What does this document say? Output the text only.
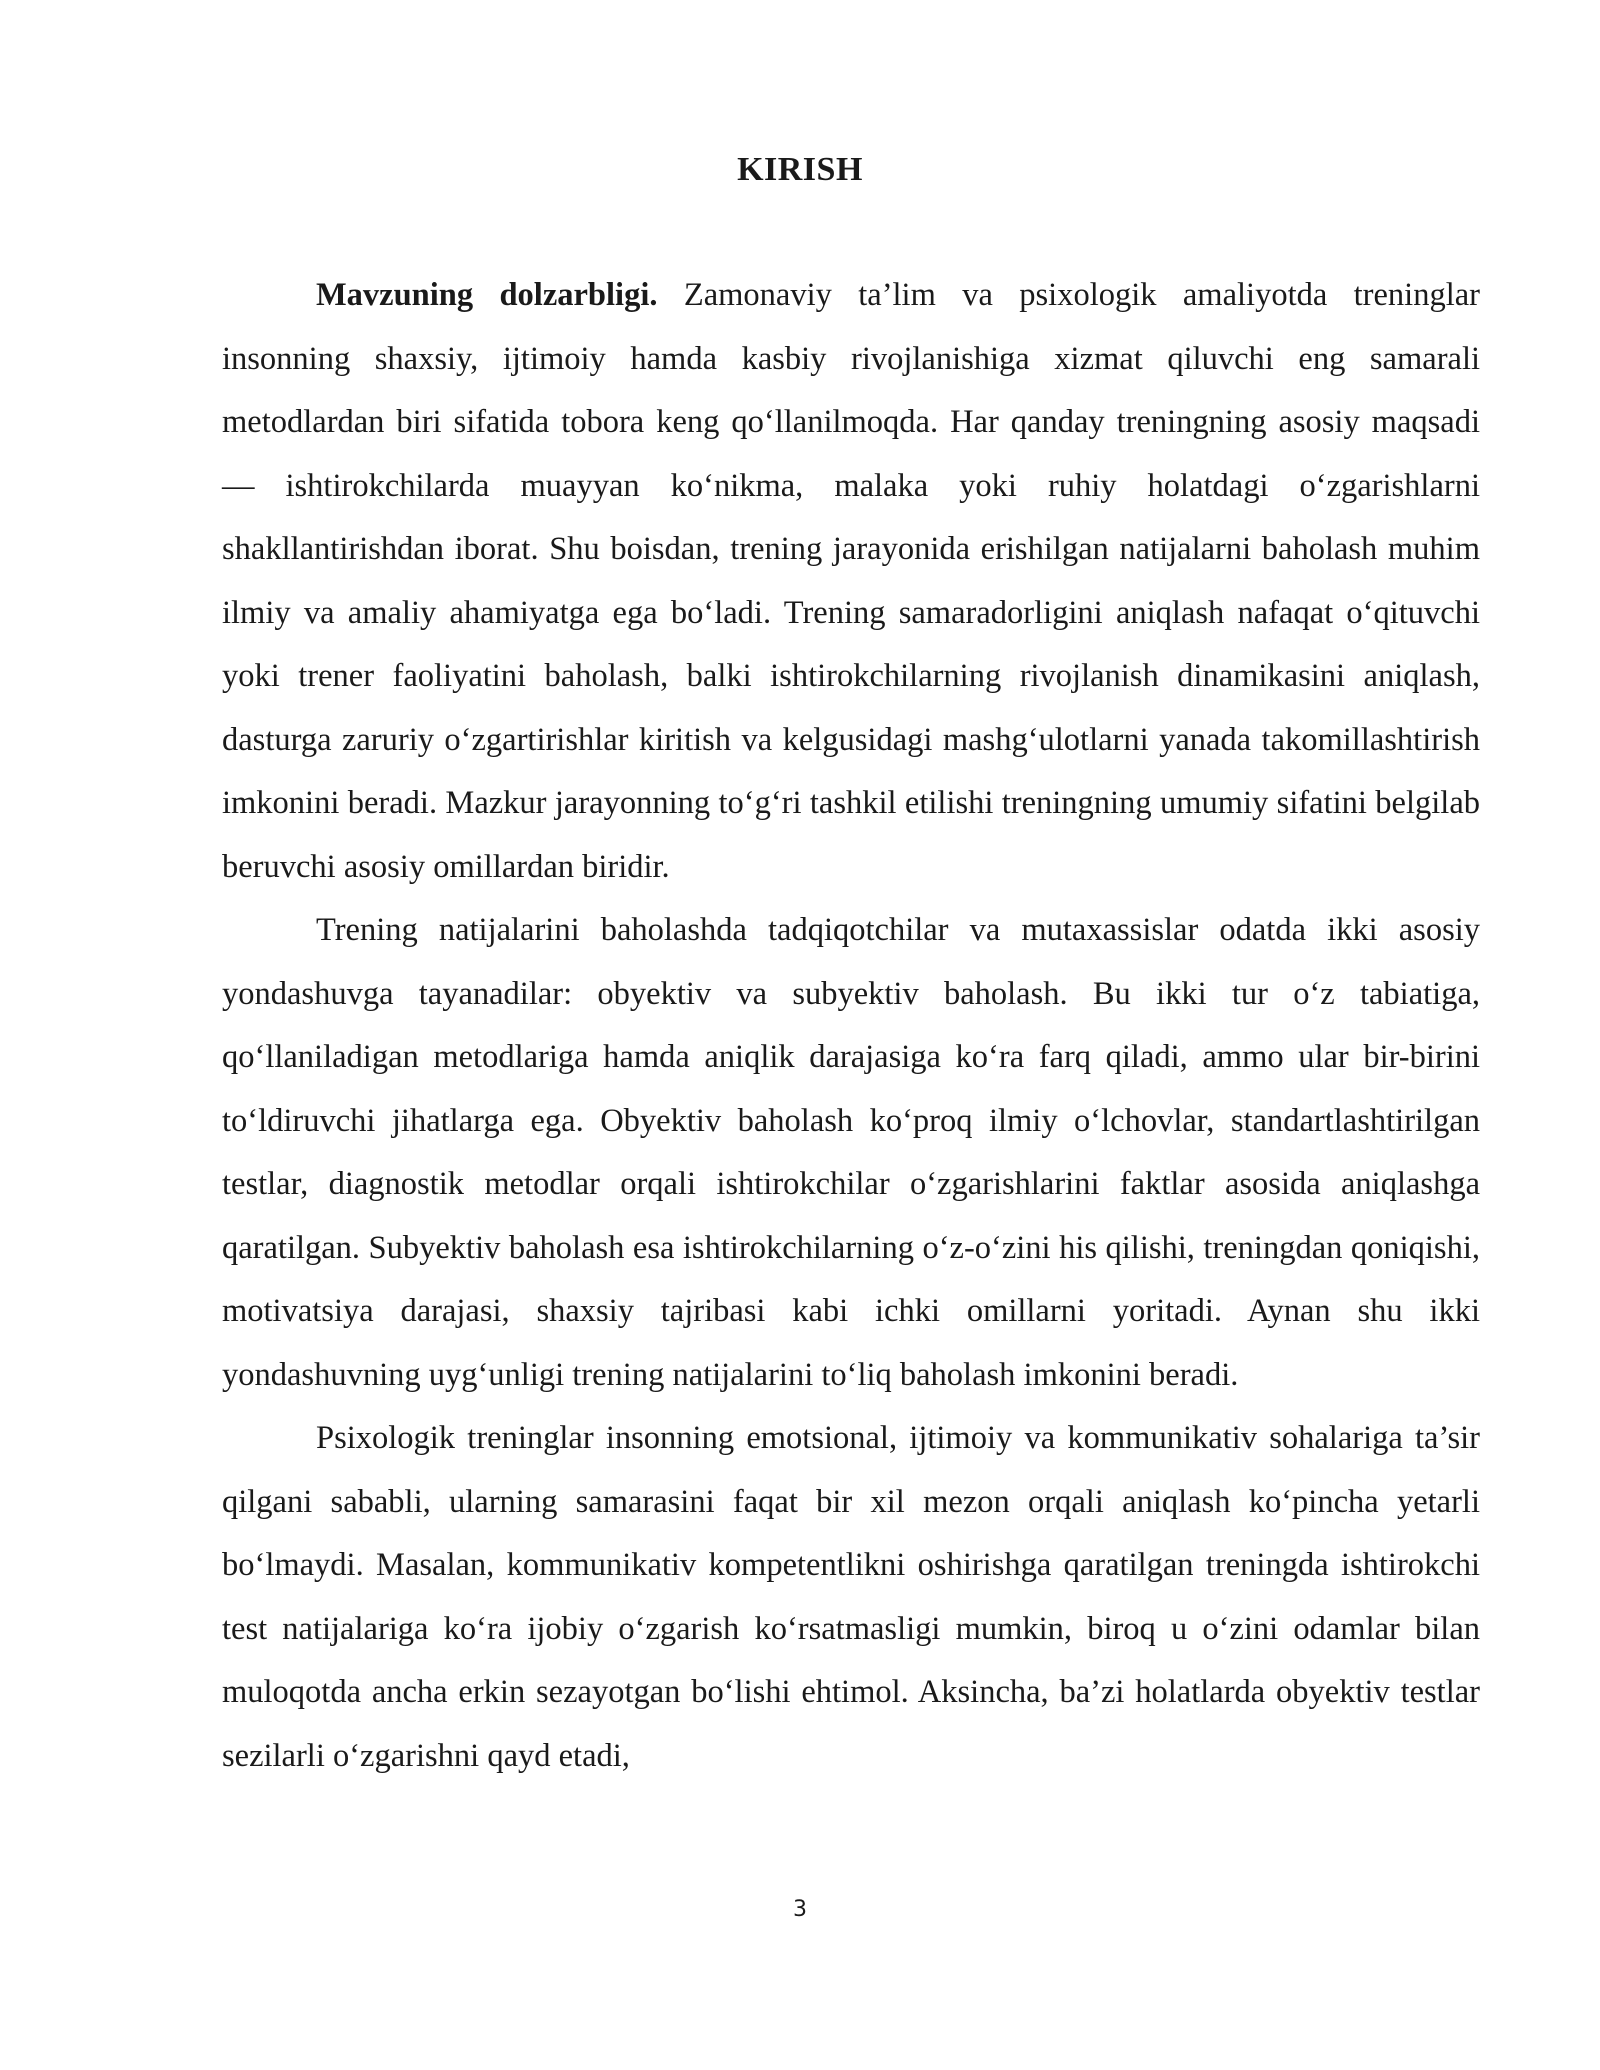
KIRISH

Mavzuning dolzarbligi. Zamonaviy ta’lim va psixologik amaliyotda treninglar insonning shaxsiy, ijtimoiy hamda kasbiy rivojlanishiga xizmat qiluvchi eng samarali metodlardan biri sifatida tobora keng qo‘llanilmoqda. Har qanday treningning asosiy maqsadi — ishtirokchilarda muayyan ko‘nikma, malaka yoki ruhiy holatdagi o‘zgarishlarni shakllantirishdan iborat. Shu boisdan, trening jarayonida erishilgan natijalarni baholash muhim ilmiy va amaliy ahamiyatga ega bo‘ladi. Trening samaradorligini aniqlash nafaqat o‘qituvchi yoki trener faoliyatini baholash, balki ishtirokchilarning rivojlanish dinamikasini aniqlash, dasturga zaruriy o‘zgartirishlar kiritish va kelgusidagi mashg‘ulotlarni yanada takomillashtirish imkonini beradi. Mazkur jarayonning to‘g‘ri tashkil etilishi treningning umumiy sifatini belgilab beruvchi asosiy omillardan biridir.

Trening natijalarini baholashda tadqiqotchilar va mutaxassislar odatda ikki asosiy yondashuvga tayanadilar: obyektiv va subyektiv baholash. Bu ikki tur o‘z tabiatiga, qo‘llaniladigan metodlariga hamda aniqlik darajasiga ko‘ra farq qiladi, ammo ular bir-birini to‘ldiruvchi jihatlarga ega. Obyektiv baholash ko‘proq ilmiy o‘lchovlar, standartlashtirilgan testlar, diagnostik metodlar orqali ishtirokchilar o‘zgarishlarini faktlar asosida aniqlashga qaratilgan. Subyektiv baholash esa ishtirokchilarning o‘z-o‘zini his qilishi, treningdan qoniqishi, motivatsiya darajasi, shaxsiy tajribasi kabi ichki omillarni yoritadi. Aynan shu ikki yondashuvning uyg‘unligi trening natijalarini to‘liq baholash imkonini beradi.

Psixologik treninglar insonning emotsional, ijtimoiy va kommunikativ sohalariga ta’sir qilgani sababli, ularning samarasini faqat bir xil mezon orqali aniqlash ko‘pincha yetarli bo‘lmaydi. Masalan, kommunikativ kompetentlikni oshirishga qaratilgan treningda ishtirokchi test natijalariga ko‘ra ijobiy o‘zgarish ko‘rsatmasligi mumkin, biroq u o‘zini odamlar bilan muloqotda ancha erkin sezayotgan bo‘lishi ehtimol. Aksincha, ba’zi holatlarda obyektiv testlar sezilarli o‘zgarishni qayd etadi,

3
